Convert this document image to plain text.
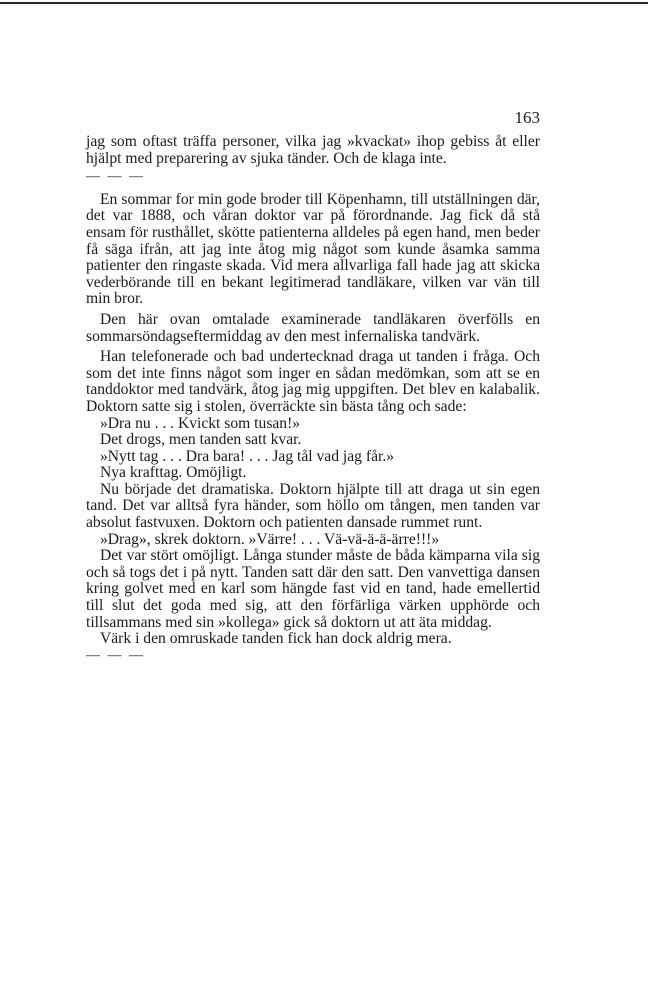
163

jag som oftast träffa personer, vilka jag »kvackat» ihop gebiss åt eller hjälpt med preparering av sjuka tänder. Och de klaga inte.

— — —

En sommar for min gode broder till Köpenhamn, till utställningen där, det var 1888, och våran doktor var på förordnande. Jag fick då stå ensam för rusthållet, skötte patienterna alldeles på egen hand, men beder få säga ifrån, att jag inte åtog mig något som kunde åsamka samma patienter den ringaste skada. Vid mera allvarliga fall hade jag att skicka vederbörande till en bekant legitimerad tandläkare, vilken var vän till min bror.

Den här ovan omtalade examinerade tandläkaren överfölls en sommarsöndagseftermiddag av den mest infernaliska tandvärk.

Han telefonerade och bad undertecknad draga ut tanden i fråga. Och som det inte finns något som inger en sådan medömkan, som att se en tanddoktor med tandvärk, åtog jag mig uppgiften. Det blev en kalabalik. Doktorn satte sig i stolen, överräckte sin bästa tång och sade:

»Dra nu . . . Kvickt som tusan!»

Det drogs, men tanden satt kvar.

»Nytt tag . . . Dra bara! . . . Jag tål vad jag får.»

Nya krafttag. Omöjligt.

Nu började det dramatiska. Doktorn hjälpte till att draga ut sin egen tand. Det var alltså fyra händer, som höllo om tången, men tanden var absolut fastvuxen. Doktorn och patienten dansade rummet runt.

»Drag», skrek doktorn. »Värre! . . . Vä-vä-ä-ä-ärre!!!»

Det var stört omöjligt. Långa stunder måste de båda kämparna vila sig och så togs det i på nytt. Tanden satt där den satt. Den vanvettiga dansen kring golvet med en karl som hängde fast vid en tand, hade emellertid till slut det goda med sig, att den förfärliga värken upphörde och tillsammans med sin »kollega» gick så doktorn ut att äta middag.

Värk i den omruskade tanden fick han dock aldrig mera.

— — —
